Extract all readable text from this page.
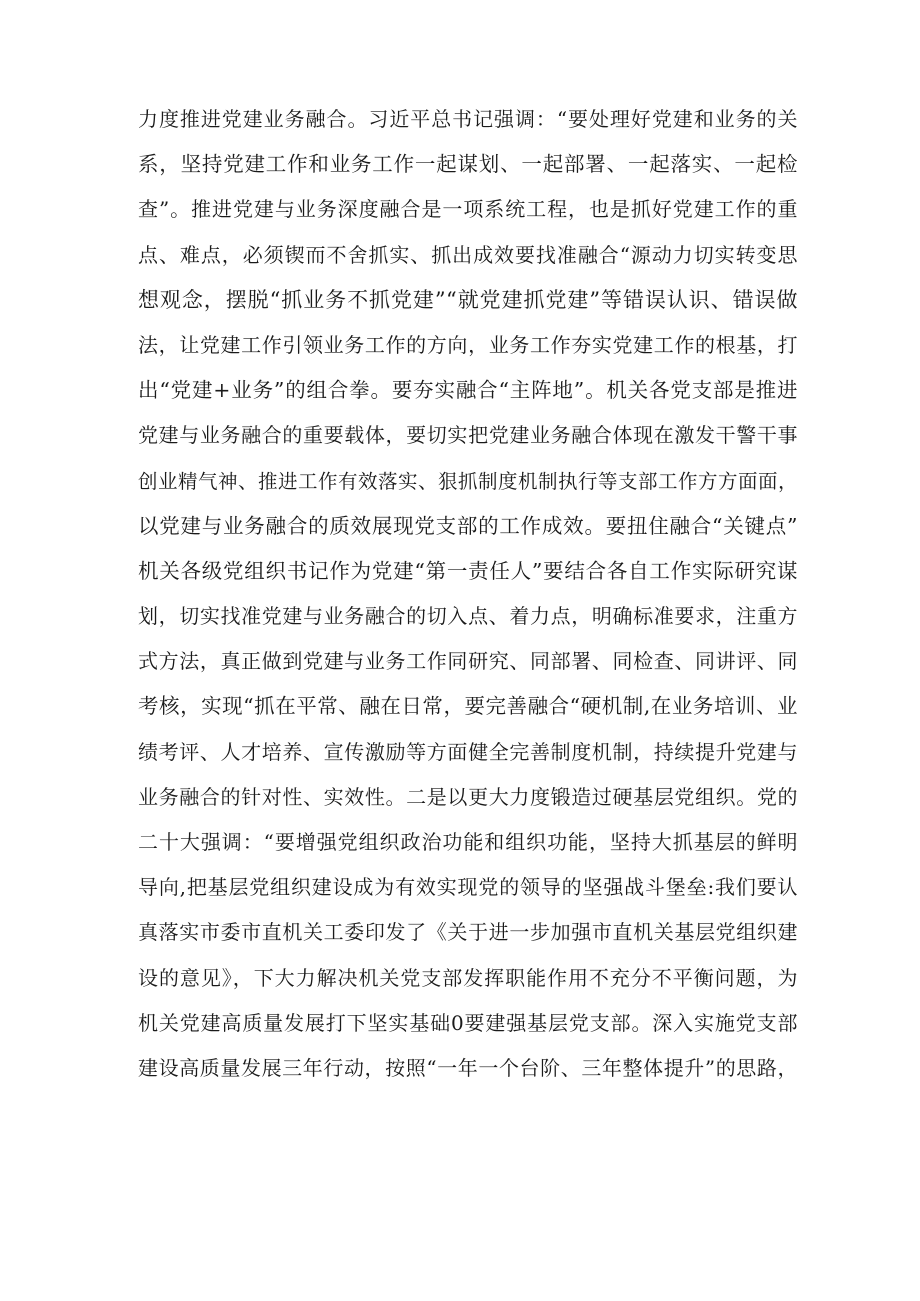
力度推进党建业务融合。习近平总书记强调：“要处理好党建和业务的关
系，坚持党建工作和业务工作一起谋划、一起部署、一起落实、一起检
查”。推进党建与业务深度融合是一项系统工程，也是抓好党建工作的重
点、难点，必须锲而不舍抓实、抓出成效要找准融合“源动力切实转变思
想观念，摆脱“抓业务不抓党建”“就党建抓党建”等错误认识、错误做
法，让党建工作引领业务工作的方向，业务工作夯实党建工作的根基，打
出“党建+业务”的组合拳。要夯实融合“主阵地”。机关各党支部是推进
党建与业务融合的重要载体，要切实把党建业务融合体现在激发干警干事
创业精气神、推进工作有效落实、狠抓制度机制执行等支部工作方方面面，
以党建与业务融合的质效展现党支部的工作成效。要扭住融合“关键点”
机关各级党组织书记作为党建“第一责任人”要结合各自工作实际研究谋
划，切实找准党建与业务融合的切入点、着力点，明确标准要求，注重方
式方法，真正做到党建与业务工作同研究、同部署、同检查、同讲评、同
考核，实现“抓在平常、融在日常，要完善融合“硬机制,在业务培训、业
绩考评、人才培养、宣传激励等方面健全完善制度机制，持续提升党建与
业务融合的针对性、实效性。二是以更大力度锻造过硬基层党组织。党的
二十大强调：“要增强党组织政治功能和组织功能，坚持大抓基层的鲜明
导向,把基层党组织建设成为有效实现党的领导的坚强战斗堡垒:我们要认
真落实市委市直机关工委印发了《关于进一步加强市直机关基层党组织建
设的意见》，下大力解决机关党支部发挥职能作用不充分不平衡问题，为
机关党建高质量发展打下坚实基础0要建强基层党支部。深入实施党支部
建设高质量发展三年行动，按照“一年一个台阶、三年整体提升”的思路，
